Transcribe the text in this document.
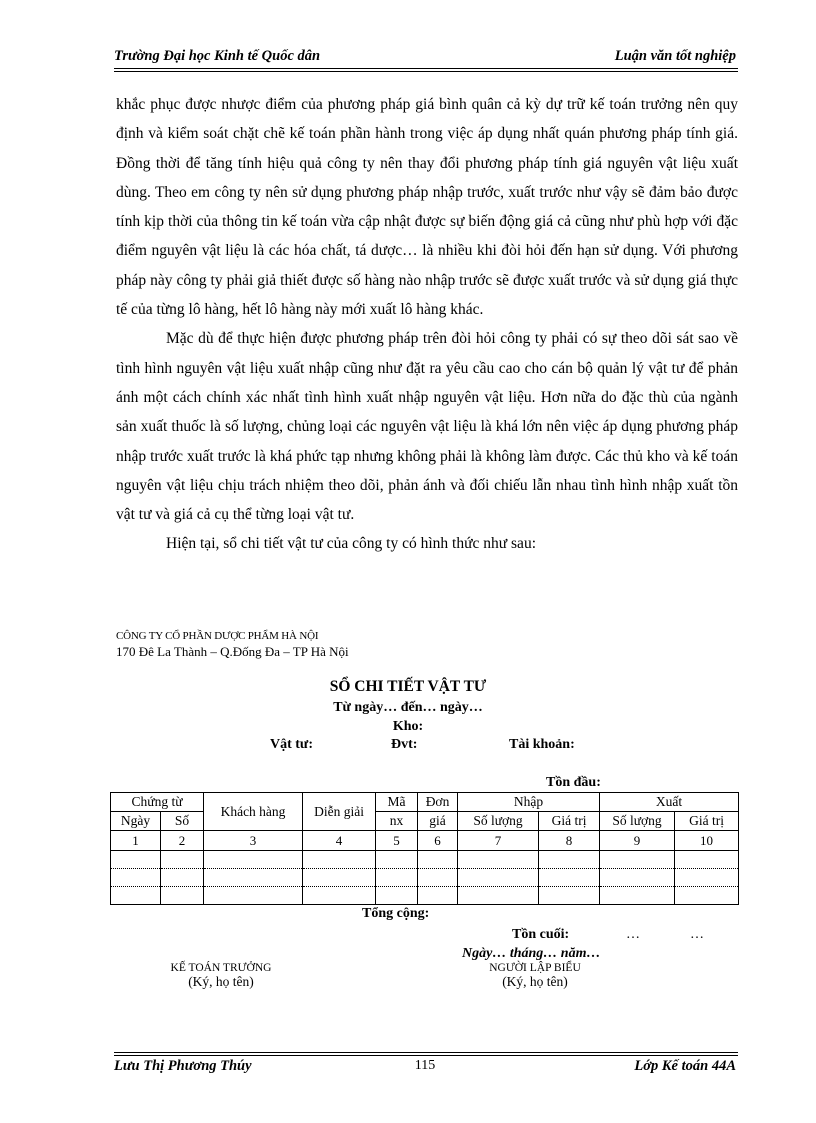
Trường Đại học Kinh tế Quốc dân	Luận văn tốt nghiệp

khắc phục được nhược điểm của phương pháp giá bình quân cả kỳ dự trữ kế toán trưởng nên quy định và kiểm soát chặt chẽ kế toán phần hành trong việc áp dụng nhất quán phương pháp tính giá. Đồng thời để tăng tính hiệu quả công ty nên thay đổi phương pháp tính giá nguyên vật liệu xuất dùng. Theo em công ty nên sử dụng phương pháp nhập trước, xuất trước như vậy sẽ đảm bảo được tính kịp thời của thông tin kế toán vừa cập nhật được sự biến động giá cả cũng như phù hợp với đặc điểm nguyên vật liệu là các hóa chất, tá dược… là nhiều khi đòi hỏi đến hạn sử dụng. Với phương pháp này công ty phải giả thiết được số hàng nào nhập trước sẽ được xuất trước và sử dụng giá thực tế của từng lô hàng, hết lô hàng này mới xuất lô hàng khác.

Mặc dù để thực hiện được phương pháp trên đòi hỏi công ty phải có sự theo dõi sát sao về tình hình nguyên vật liệu xuất nhập cũng như đặt ra yêu cầu cao cho cán bộ quản lý vật tư để phản ánh một cách chính xác nhất tình hình xuất nhập nguyên vật liệu. Hơn nữa do đặc thù của ngành sản xuất thuốc là số lượng, chủng loại các nguyên vật liệu là khá lớn nên việc áp dụng phương pháp nhập trước xuất trước là khá phức tạp nhưng không phải là không làm được. Các thủ kho và kế toán nguyên vật liệu chịu trách nhiệm theo dõi, phản ánh và đối chiếu lẫn nhau tình hình nhập xuất tồn vật tư và giá cả cụ thể từng loại vật tư.

Hiện tại, sổ chi tiết vật tư của công ty có hình thức như sau:

CÔNG TY CỔ PHẦN DƯỢC PHẨM HÀ NỘI
170 Đê La Thành – Q.Đống Đa – TP Hà Nội
SỔ CHI TIẾT VẬT TƯ
Từ ngày… đến… ngày…
Kho:
Vật tư:	Đvt:	Tài khoản:
Tồn đầu:
Chứng từ		Khách hàng	Diễn giải	Mã	Đơn	Nhập		Xuất	
Ngày	Số			nx	giá	Số lượng	Giá trị	Số lượng	Giá trị
1	2	3	4	5	6	7	8	9	10

Tổng cộng:
Tồn cuối:	…	…
Ngày… tháng… năm…
KẾ TOÁN TRƯỞNG
(Ký, họ tên)
NGƯỜI LẬP BIỂU
(Ký, họ tên)
Lưu Thị Phương Thúy	115	Lớp Kế toán 44A
